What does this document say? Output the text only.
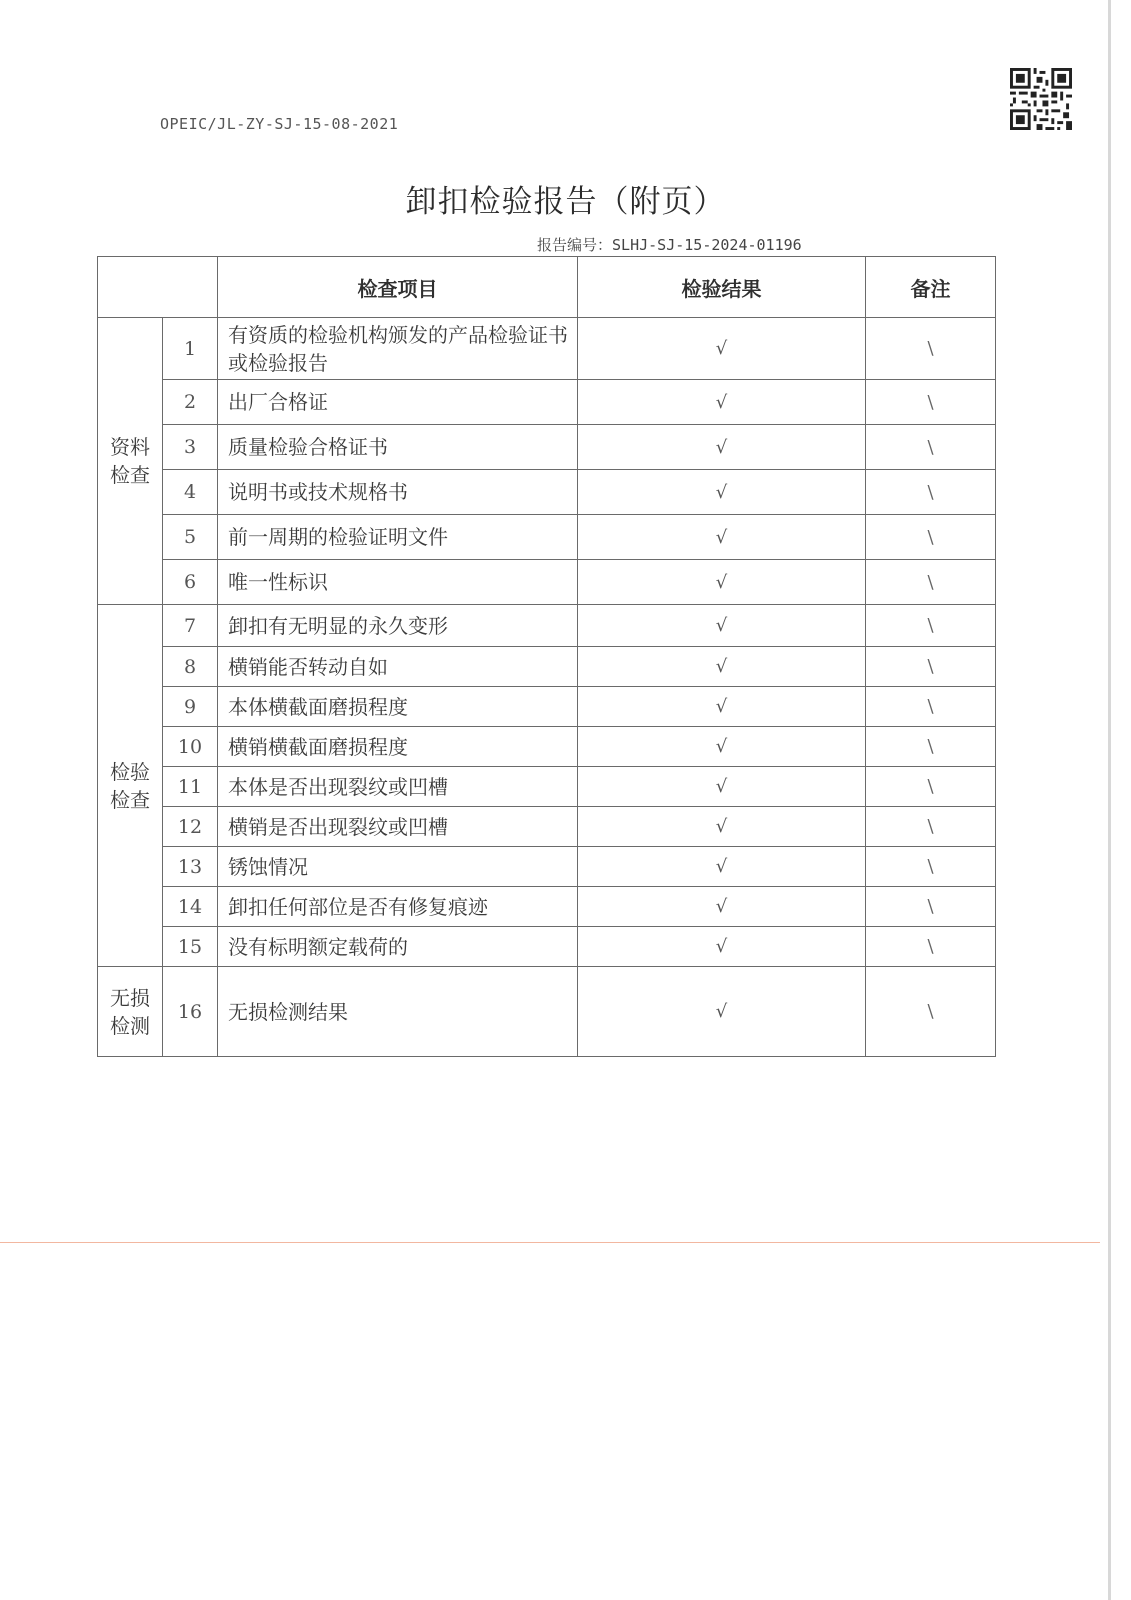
OPEIC/JL-ZY-SJ-15-08-2021
卸扣检验报告（附页）
报告编号：SLHJ-SJ-15-2024-01196
		检查项目	检验结果	备注
资料检查	1	有资质的检验机构颁发的产品检验证书或检验报告	√	\
	2	出厂合格证	√	\
	3	质量检验合格证书	√	\
	4	说明书或技术规格书	√	\
	5	前一周期的检验证明文件	√	\
	6	唯一性标识	√	\
检验检查	7	卸扣有无明显的永久变形	√	\
	8	横销能否转动自如	√	\
	9	本体横截面磨损程度	√	\
	10	横销横截面磨损程度	√	\
	11	本体是否出现裂纹或凹槽	√	\
	12	横销是否出现裂纹或凹槽	√	\
	13	锈蚀情况	√	\
	14	卸扣任何部位是否有修复痕迹	√	\
	15	没有标明额定载荷的	√	\
无损检测	16	无损检测结果	√	\
